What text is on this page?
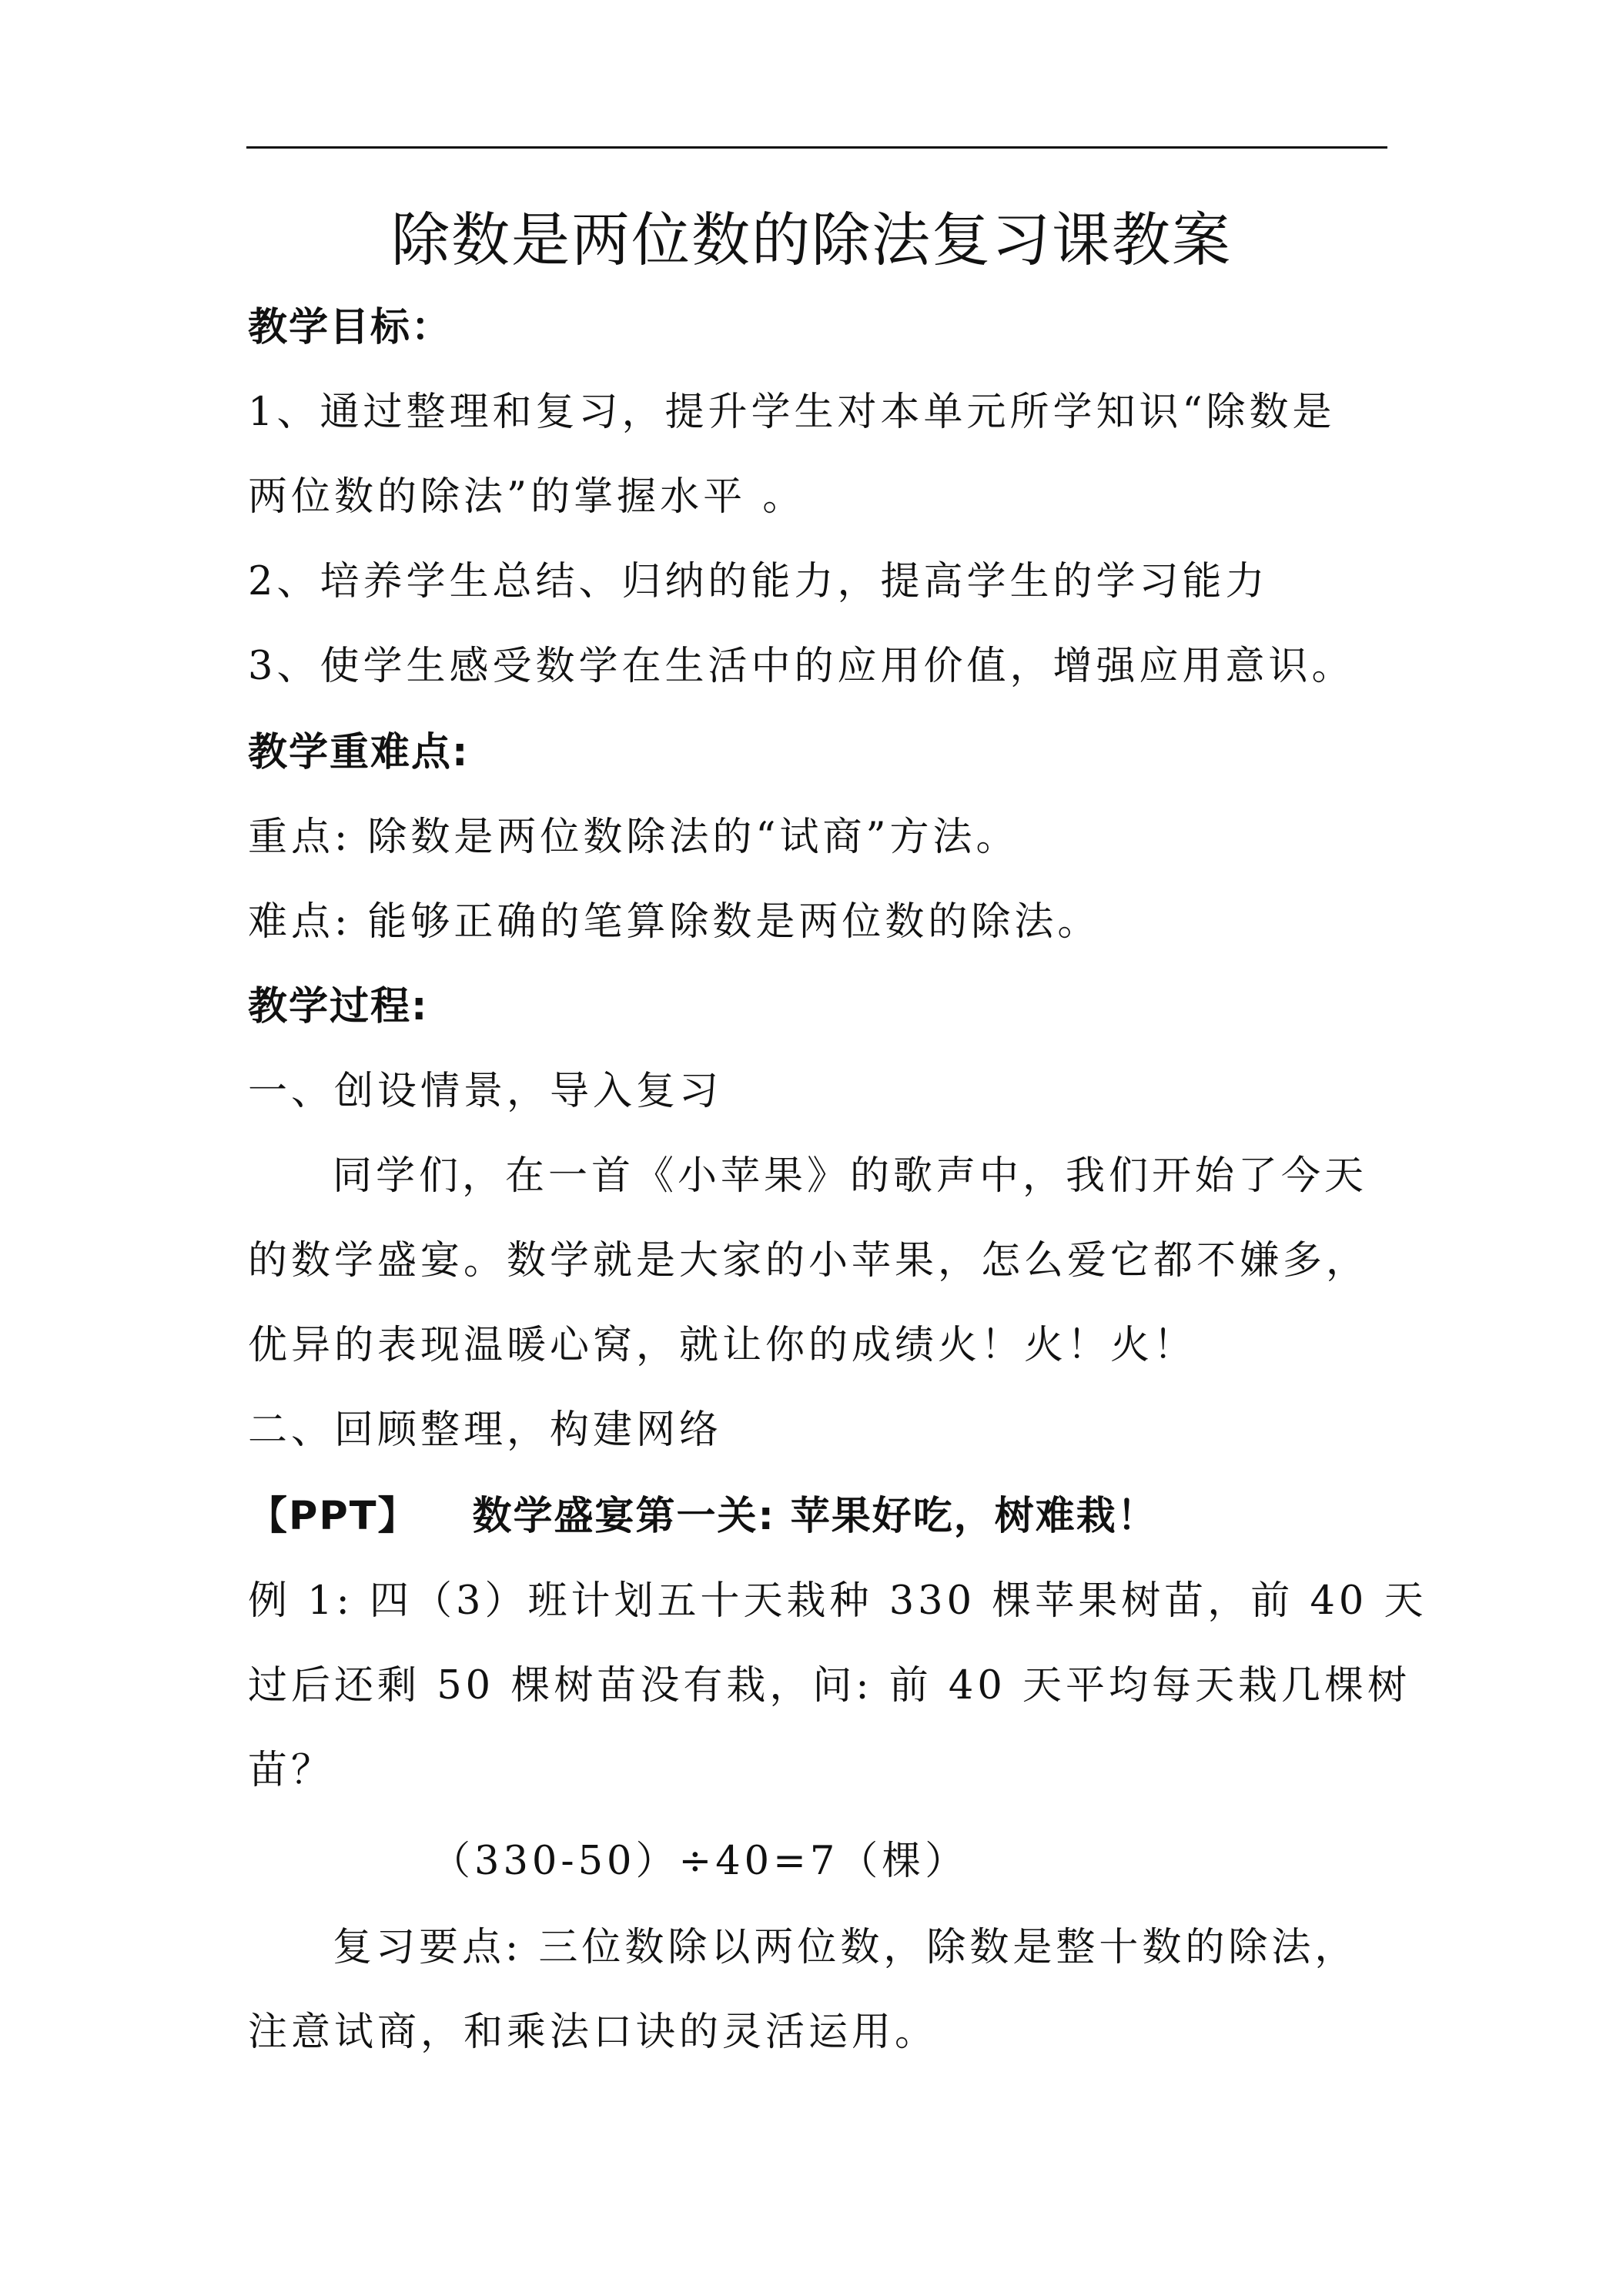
除数是两位数的除法复习课教案
教学目标：
1、通过整理和复习，提升学生对本单元所学知识“除数是
两位数的除法”的掌握水平 。
2、培养学生总结、归纳的能力，提高学生的学习能力
3、使学生感受数学在生活中的应用价值，增强应用意识。
教学重难点:
重点: 除数是两位数除法的“试商”方法。
难点: 能够正确的笔算除数是两位数的除法。
教学过程:
一、创设情景，导入复习
同学们，在一首《小苹果》的歌声中，我们开始了今天
的数学盛宴。数学就是大家的小苹果，怎么爱它都不嫌多，
优异的表现温暖心窝，就让你的成绩火！火！火！
二、回顾整理，构建网络
【PPT】 数学盛宴第一关: 苹果好吃，树难栽！
例 1: 四（3）班计划五十天栽种 330 棵苹果树苗，前 40 天
过后还剩 50 棵树苗没有栽，问: 前 40 天平均每天栽几棵树
苗？
（330-50）÷40=7（棵）
复习要点: 三位数除以两位数，除数是整十数的除法，
注意试商，和乘法口诀的灵活运用。
